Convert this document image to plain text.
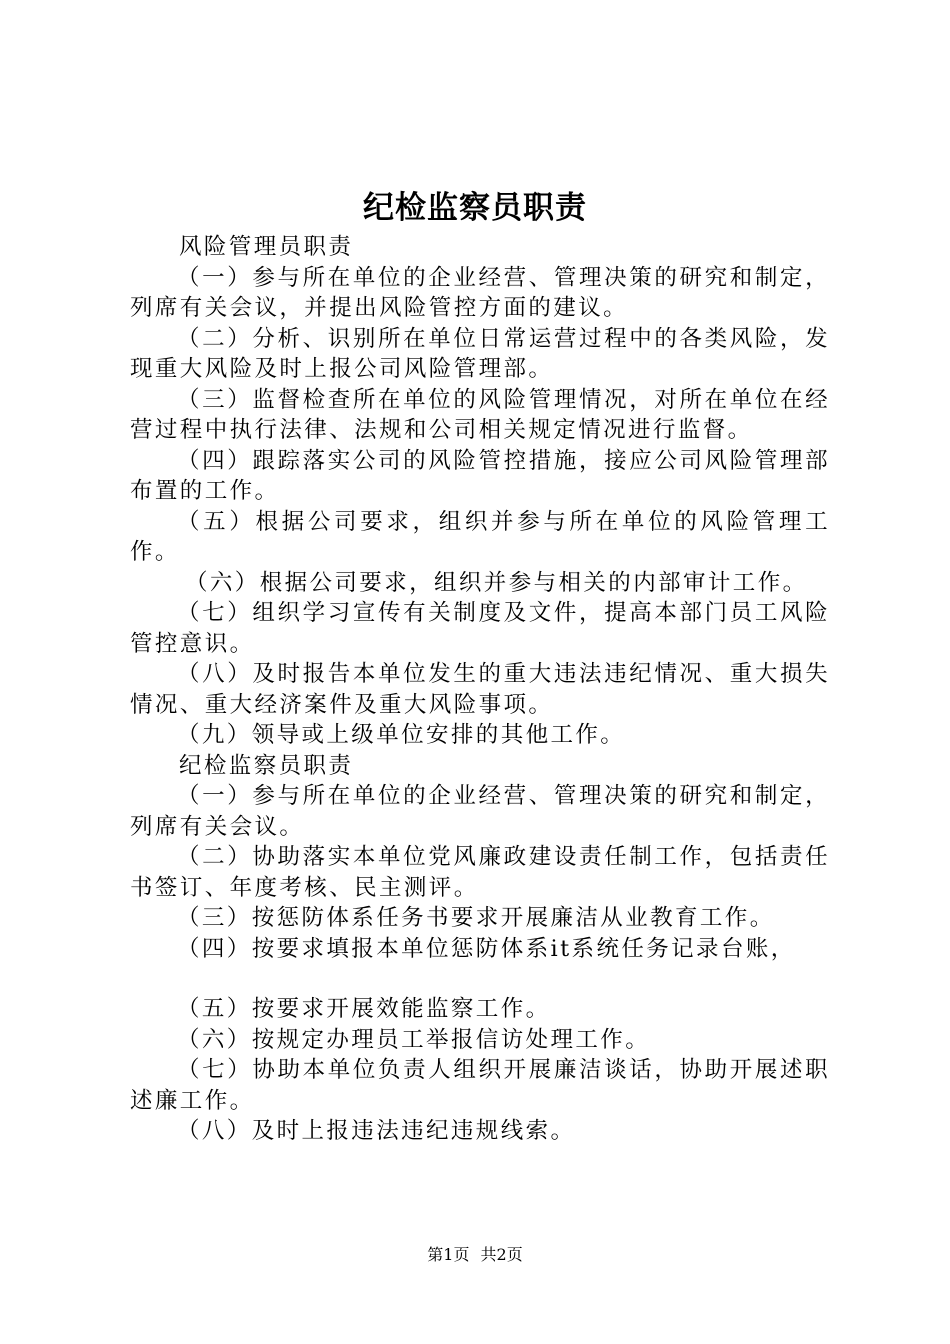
纪检监察员职责

风险管理员职责

（一）参与所在单位的企业经营、管理决策的研究和制定，列席有关会议，并提出风险管控方面的建议。

（二）分析、识别所在单位日常运营过程中的各类风险，发现重大风险及时上报公司风险管理部。

（三）监督检查所在单位的风险管理情况，对所在单位在经营过程中执行法律、法规和公司相关规定情况进行监督。

（四）跟踪落实公司的风险管控措施，接应公司风险管理部布置的工作。

（五）根据公司要求，组织并参与所在单位的风险管理工作。

（六）根据公司要求，组织并参与相关的内部审计工作。

（七）组织学习宣传有关制度及文件，提高本部门员工风险管控意识。

（八）及时报告本单位发生的重大违法违纪情况、重大损失情况、重大经济案件及重大风险事项。

（九）领导或上级单位安排的其他工作。

纪检监察员职责

（一）参与所在单位的企业经营、管理决策的研究和制定，列席有关会议。

（二）协助落实本单位党风廉政建设责任制工作，包括责任书签订、年度考核、民主测评。

（三）按惩防体系任务书要求开展廉洁从业教育工作。

（四）按要求填报本单位惩防体系it系统任务记录台账，

（五）按要求开展效能监察工作。

（六）按规定办理员工举报信访处理工作。

（七）协助本单位负责人组织开展廉洁谈话，协助开展述职述廉工作。

（八）及时上报违法违纪违规线索。

第1页 共2页
